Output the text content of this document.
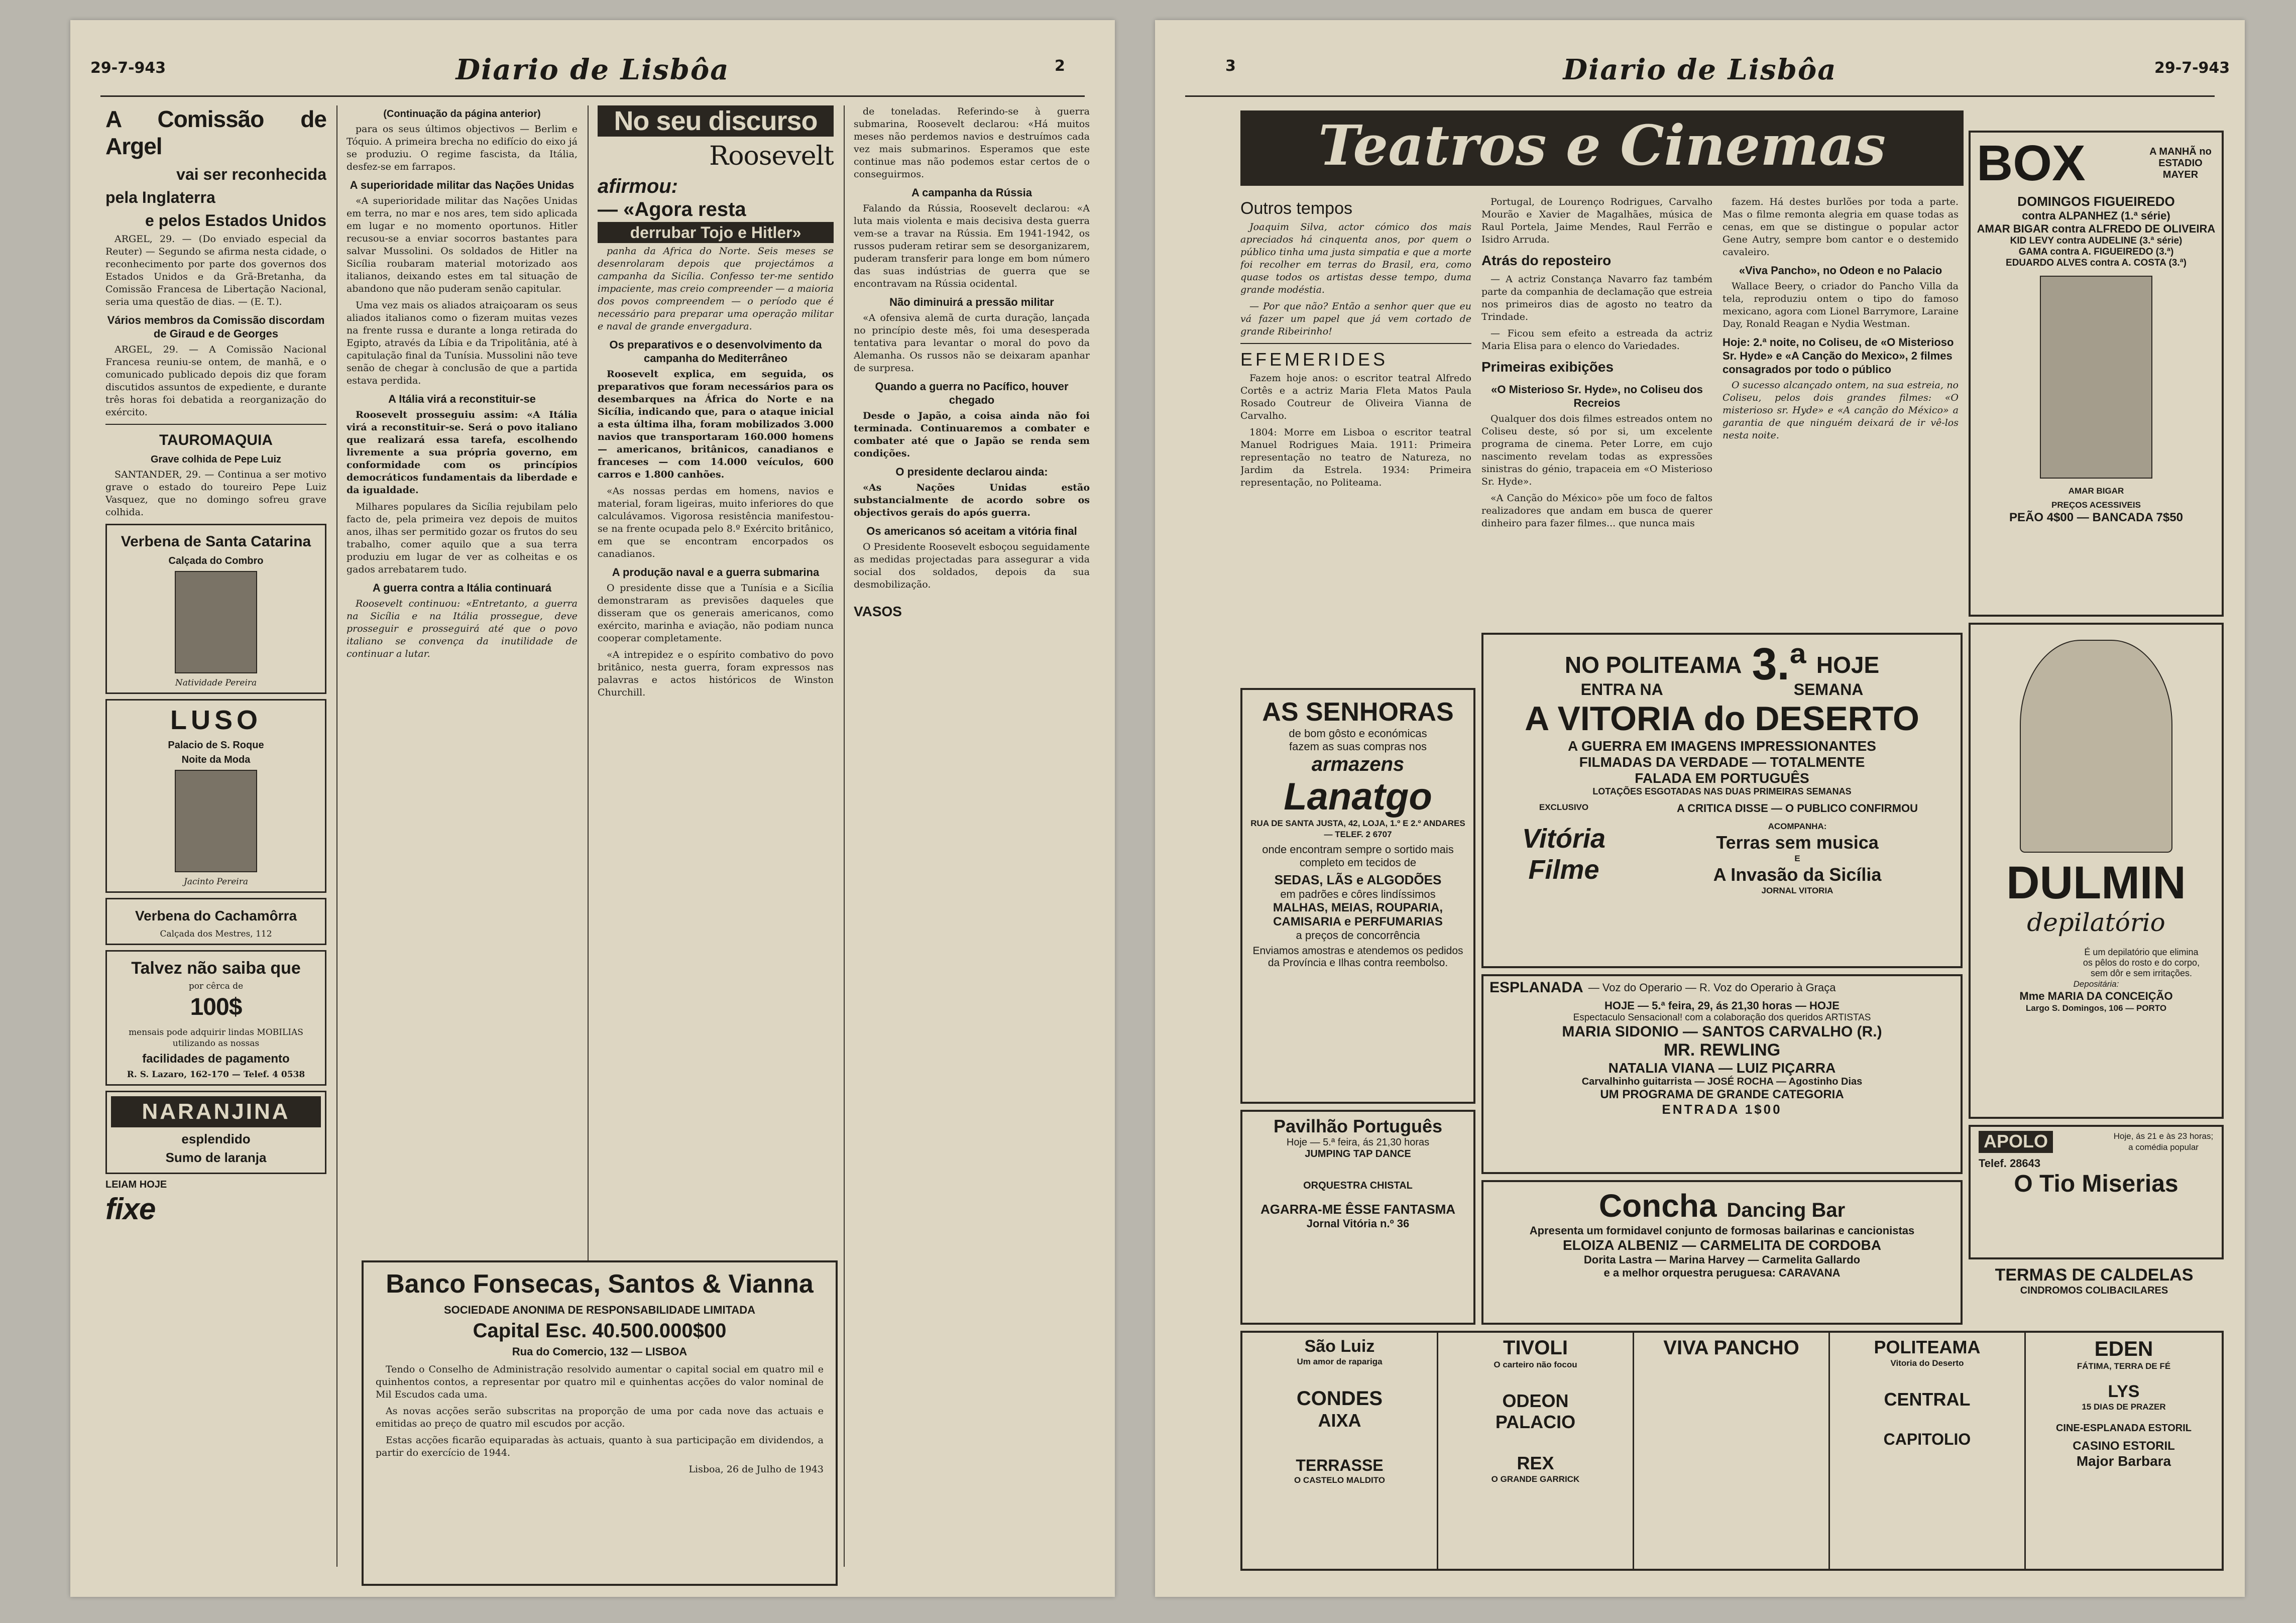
29-7-943	Diario de Lisbôa	2
A Comissão de Argel
vai ser reconhecida
pela Inglaterra
e pelos Estados Unidos

ARGEL, 29. — (Do enviado especial da Reuter) — Segundo se afirma nesta cidade, o reconhecimento por parte dos governos dos Estados Unidos e da Grã-Bretanha, da Comissão Francesa de Libertação Nacional, seria uma questão de dias. — (E. T.).

Vários membros da Comissão discordam de Giraud e de Georges

ARGEL, 29. — A Comissão Nacional Francesa reuniu-se ontem, de manhã, e o comunicado publicado depois diz que foram discutidos assuntos de expediente, e durante três horas foi debatida a reorganização do exército.

TAUROMAQUIA
Grave colhida de Pepe Luiz

SANTANDER, 29. — Continua a ser motivo grave o estado do toureiro Pepe Luiz Vasquez, que no domingo sofreu grave colhida.

Verbena de Santa Catarina
Calçada do Combro
Natividade Pereira
LUSO
Palacio de S. Roque
Noite da Moda
Jacinto Pereira
Verbena do Cachamôrra
Calçada dos Mestres, 112
Talvez não saiba que
por cêrca de
100$
mensais pode adquirir lindas MOBILIAS utilizando as nossas
facilidades de pagamento
R. S. Lazaro, 162-170 — Telef. 4 0538
NARANJINA
esplendido
Sumo de laranja
LEIAM HOJE
fixe
(Continuação da página anterior)

para os seus últimos objectivos — Berlim e Tóquio. A primeira brecha no edifício do eixo já se produziu. O regime fascista, da Itália, desfez-se em farrapos.

A superioridade militar das Nações Unidas

«A superioridade militar das Nações Unidas em terra, no mar e nos ares, tem sido aplicada em lugar e no momento oportunos. Hitler recusou-se a enviar socorros bastantes para salvar Mussolini. Os soldados de Hitler na Sicília roubaram material motorizado aos italianos, deixando estes em tal situação de abandono que não puderam senão capitular.

Uma vez mais os aliados atraiçoaram os seus aliados italianos como o fizeram muitas vezes na frente russa e durante a longa retirada do Egipto, através da Líbia e da Tripolitânia, até à capitulação final da Tunísia. Mussolini não teve senão de chegar à conclusão de que a partida estava perdida.

A Itália virá a reconstituir-se

Roosevelt prosseguiu assim: «A Itália virá a reconstituir-se. Será o povo italiano que realizará essa tarefa, escolhendo livremente a sua própria governo, em conformidade com os princípios democráticos fundamentais da liberdade e da igualdade.

Milhares populares da Sicília rejubilam pelo facto de, pela primeira vez depois de muitos anos, ilhas ser permitido gozar os frutos do seu trabalho, comer aquilo que a sua terra produziu em lugar de ver as colheitas e os gados arrebatarem tudo.

A guerra contra a Itália continuará

Roosevelt continuou: «Entretanto, a guerra na Sicília e na Itália prossegue, deve prosseguir e prosseguirá até que o povo italiano se convença da inutilidade de continuar a lutar.

No seu discurso
Roosevelt
afirmou:
— «Agora resta
derrubar Tojo e Hitler»

panha da Africa do Norte. Seis meses se desenrolaram depois que projectámos a campanha da Sicília. Confesso ter-me sentido impaciente, mas creio compreender — a maioria dos povos compreendem — o período que é necessário para preparar uma operação militar e naval de grande envergadura.

Os preparativos e o desenvolvimento da campanha do Mediterrâneo

Roosevelt explica, em seguida, os preparativos que foram necessários para os desembarques na África do Norte e na Sicília, indicando que, para o ataque inicial a esta última ilha, foram mobilizados 3.000 navios que transportaram 160.000 homens — americanos, britânicos, canadianos e franceses — com 14.000 veículos, 600 carros e 1.800 canhões.

«As nossas perdas em homens, navios e material, foram ligeiras, muito inferiores do que calculávamos. Vigorosa resistência manifestou-se na frente ocupada pelo 8.º Exército britânico, em que se encontram encorpados os canadianos.

A produção naval e a guerra submarina

O presidente disse que a Tunísia e a Sicília demonstraram as previsões daqueles que disseram que os generais americanos, como exército, marinha e aviação, não podiam nunca cooperar completamente.

«A intrepidez e o espírito combativo do povo britânico, nesta guerra, foram expressos nas palavras e actos históricos de Winston Churchill.

de toneladas. Referindo-se à guerra submarina, Roosevelt declarou: «Há muitos meses não perdemos navios e destruímos cada vez mais submarinos. Esperamos que este continue mas não podemos estar certos de o conseguirmos.

A campanha da Rússia

Falando da Rússia, Roosevelt declarou: «A luta mais violenta e mais decisiva desta guerra vem-se a travar na Rússia. Em 1941-1942, os russos puderam retirar sem se desorganizarem, puderam transferir para longe em bom número das suas indústrias de guerra que se encontravam na Rússia ocidental.

Não diminuirá a pressão militar

«A ofensiva alemã de curta duração, lançada no princípio deste mês, foi uma desesperada tentativa para levantar o moral do povo da Alemanha. Os russos não se deixaram apanhar de surpresa.

Quando a guerra no Pacífico, houver chegado

Desde o Japão, a coisa ainda não foi terminada. Continuaremos a combater e combater até que o Japão se renda sem condições.

O presidente declarou ainda:

«As Nações Unidas estão substancialmente de acordo sobre os objectivos gerais do após guerra.

Os americanos só aceitam a vitória final

O Presidente Roosevelt esboçou seguidamente as medidas projectadas para assegurar a vida social dos soldados, depois da sua desmobilização.

VASOS
Banco Fonsecas, Santos & Vianna
SOCIEDADE ANONIMA DE RESPONSABILIDADE LIMITADA
Capital Esc. 40.500.000$00
Rua do Comercio, 132 — LISBOA

Tendo o Conselho de Administração resolvido aumentar o capital social em quatro mil e quinhentos contos, a representar por quatro mil e quinhentas acções do valor nominal de Mil Escudos cada uma.

As novas acções serão subscritas na proporção de uma por cada nove das actuais e emitidas ao preço de quatro mil escudos por acção.

Estas acções ficarão equiparadas às actuais, quanto à sua participação em dividendos, a partir do exercício de 1944.

Lisboa, 26 de Julho de 1943
3	Diario de Lisbôa	29-7-943
Teatros e Cinemas
Outros tempos

Joaquim Silva, actor cómico dos mais apreciados há cinquenta anos, por quem o público tinha uma justa simpatia e que a morte foi recolher em terras do Brasil, era, como quase todos os artistas desse tempo, duma grande modéstia.

— Por que não? Então a senhor quer que eu vá fazer um papel que já vem cortado de grande Ribeirinho!

EFEMERIDES

Fazem hoje anos: o escritor teatral Alfredo Cortês e a actriz Maria Fleta Matos Paula Rosado Coutreur de Oliveira Vianna de Carvalho.

1804: Morre em Lisboa o escritor teatral Manuel Rodrigues Maia. 1911: Primeira representação no teatro de Natureza, no Jardim da Estrela. 1934: Primeira representação, no Politeama.

Portugal, de Lourenço Rodrigues, Carvalho Mourão e Xavier de Magalhães, música de Raul Portela, Jaime Mendes, Raul Ferrão e Isidro Arruda.

Atrás do reposteiro

— A actriz Constança Navarro faz também parte da companhia de declamação que estreia nos primeiros dias de agosto no teatro da Trindade.

— Ficou sem efeito a estreada da actriz Maria Elisa para o elenco do Variedades.

Primeiras exibições
«O Misterioso Sr. Hyde», no Coliseu dos Recreios

Qualquer dos dois filmes estreados ontem no Coliseu deste, só por si, um excelente programa de cinema. Peter Lorre, em cujo nascimento revelam todas as expressões sinistras do génio, trapaceia em «O Misterioso Sr. Hyde».

«A Canção do México» põe um foco de faltos realizadores que andam em busca de querer dinheiro para fazer filmes... que nunca mais

fazem. Há destes burlões por toda a parte. Mas o filme remonta alegria em quase todas as cenas, em que se distingue o popular actor Gene Autry, sempre bom cantor e o destemido cavaleiro.

«Viva Pancho», no Odeon e no Palacio

Wallace Beery, o criador do Pancho Villa da tela, reproduziu ontem o tipo do famoso mexicano, agora com Lionel Barrymore, Laraine Day, Ronald Reagan e Nydia Westman.

Hoje: 2.ª noite, no Coliseu, de «O Misterioso Sr. Hyde» e «A Canção do Mexico», 2 filmes consagrados por todo o público

O sucesso alcançado ontem, na sua estreia, no Coliseu, pelos dois grandes filmes: «O misterioso sr. Hyde» e «A canção do México» a garantia de que ninguém deixará de ir vê-los nesta noite.

BOX	A MANHÃ no ESTADIO MAYER
DOMINGOS FIGUEIREDO
contra ALPANHEZ (1.ª série)
AMAR BIGAR contra ALFREDO DE OLIVEIRA
KID LEVY contra AUDELINE (3.ª série)
GAMA contra A. FIGUEIREDO (3.ª)
EDUARDO ALVES contra A. COSTA (3.ª)
AMAR BIGAR
PREÇOS ACESSIVEIS
PEÃO 4$00 — BANCADA 7$50
AS SENHORAS
de bom gôsto e económicas
fazem as suas compras nos
armazens
Lanatgo
RUA DE SANTA JUSTA, 42, LOJA, 1.º E 2.º ANDARES — TELEF. 2 6707
onde encontram sempre o sortido mais completo em tecidos de
SEDAS, LÃS e ALGODÕES
em padrões e côres lindíssimos
MALHAS, MEIAS, ROUPARIA, CAMISARIA e PERFUMARIAS
a preços de concorrência
Enviamos amostras e atendemos os pedidos da Província e Ilhas contra reembolso.
Pavilhão Português
Hoje — 5.ª feira, ás 21,30 horas
JUMPING TAP DANCE
ORQUESTRA CHISTAL
AGARRA-ME ÊSSE FANTASMA
Jornal Vitória n.º 36
NO POLITEAMA 3.ª HOJE
ENTRA NA	SEMANA
A VITORIA do DESERTO
A GUERRA EM IMAGENS IMPRESSIONANTES
FILMADAS DA VERDADE — TOTALMENTE
FALADA EM PORTUGUÊS
LOTAÇÕES ESGOTADAS NAS DUAS PRIMEIRAS SEMANAS
EXCLUSIVO
Vitória Filme
A CRITICA DISSE — O PUBLICO CONFIRMOU
ACOMPANHA:
Terras sem musica
E
A Invasão da Sicília
JORNAL VITORIA
ESPLANADA — Voz do Operario — R. Voz do Operario à Graça
HOJE — 5.ª feira, 29, ás 21,30 horas — HOJE
Espectaculo Sensacional! com a colaboração dos queridos ARTISTAS
MARIA SIDONIO — SANTOS CARVALHO (R.)
MR. REWLING
NATALIA VIANA — LUIZ PIÇARRA
Carvalhinho guitarrista — JOSÉ ROCHA — Agostinho Dias
UM PROGRAMA DE GRANDE CATEGORIA
ENTRADA 1$00
Concha Dancing Bar
Apresenta um formidavel conjunto de formosas bailarinas e cancionistas
ELOIZA ALBENIZ — CARMELITA DE CORDOBA
Dorita Lastra — Marina Harvey — Carmelita Gallardo
e a melhor orquestra peruguesa: CARAVANA
DULMIN
depilatório
É um depilatório que elimina os pêlos do rosto e do corpo, sem dôr e sem irritações.
Depositária:
Mme MARIA DA CONCEIÇÃO
Largo S. Domingos, 106 — PORTO
APOLO	Hoje, ás 21 e às 23 horas; a comédia popular
Telef. 28643
O Tio Miserias
TERMAS DE CALDELAS
CINDROMOS COLIBACILARES
São Luiz
Um amor de rapariga
CONDES
AIXA
TERRASSE
O CASTELO MALDITO
TIVOLI
O carteiro não focou
ODEON
PALACIO
REX
O GRANDE GARRICK
VIVA PANCHO	POLITEAMA
Vitoria do Deserto
CENTRAL
CAPITOLIO
EDEN
FÁTIMA, TERRA DE FÉ
LYS
15 DIAS DE PRAZER
CINE-ESPLANADA ESTORIL
CASINO ESTORIL
Major Barbara
